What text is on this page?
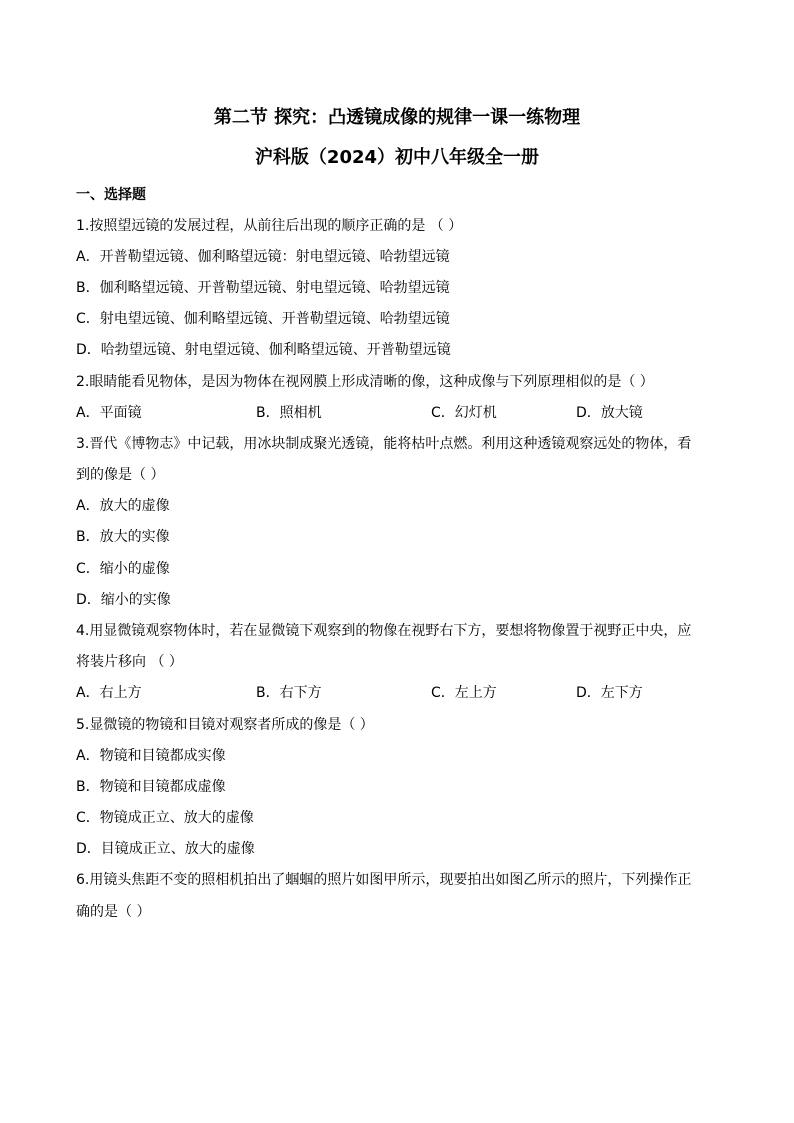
第二节 探究：凸透镜成像的规律一课一练物理
沪科版（2024）初中八年级全一册
一、选择题
1.按照望远镜的发展过程，从前往后出现的顺序正确的是 （ ）
A．开普勒望远镜、伽利略望远镜：射电望远镜、哈勃望远镜
B．伽利略望远镜、开普勒望远镜、射电望远镜、哈勃望远镜
C．射电望远镜、伽利略望远镜、开普勒望远镜、哈勃望远镜
D．哈勃望远镜、射电望远镜、伽利略望远镜、开普勒望远镜
2.眼睛能看见物体，是因为物体在视网膜上形成清晰的像，这种成像与下列原理相似的是（ ）
A．平面镜	B．照相机	C．幻灯机	D．放大镜
3.晋代《博物志》中记载，用冰块制成聚光透镜，能将枯叶点燃。利用这种透镜观察远处的物体，看
到的像是（ ）
A．放大的虚像
B．放大的实像
C．缩小的虚像
D．缩小的实像
4.用显微镜观察物体时，若在显微镜下观察到的物像在视野右下方，要想将物像置于视野正中央，应
将装片移向 （ ）
A．右上方	B．右下方	C．左上方	D．左下方
5.显微镜的物镜和目镜对观察者所成的像是（ ）
A．物镜和目镜都成实像
B．物镜和目镜都成虚像
C．物镜成正立、放大的虚像
D．目镜成正立、放大的虚像
6.用镜头焦距不变的照相机拍出了蝈蝈的照片如图甲所示，现要拍出如图乙所示的照片，下列操作正
确的是（ ）
